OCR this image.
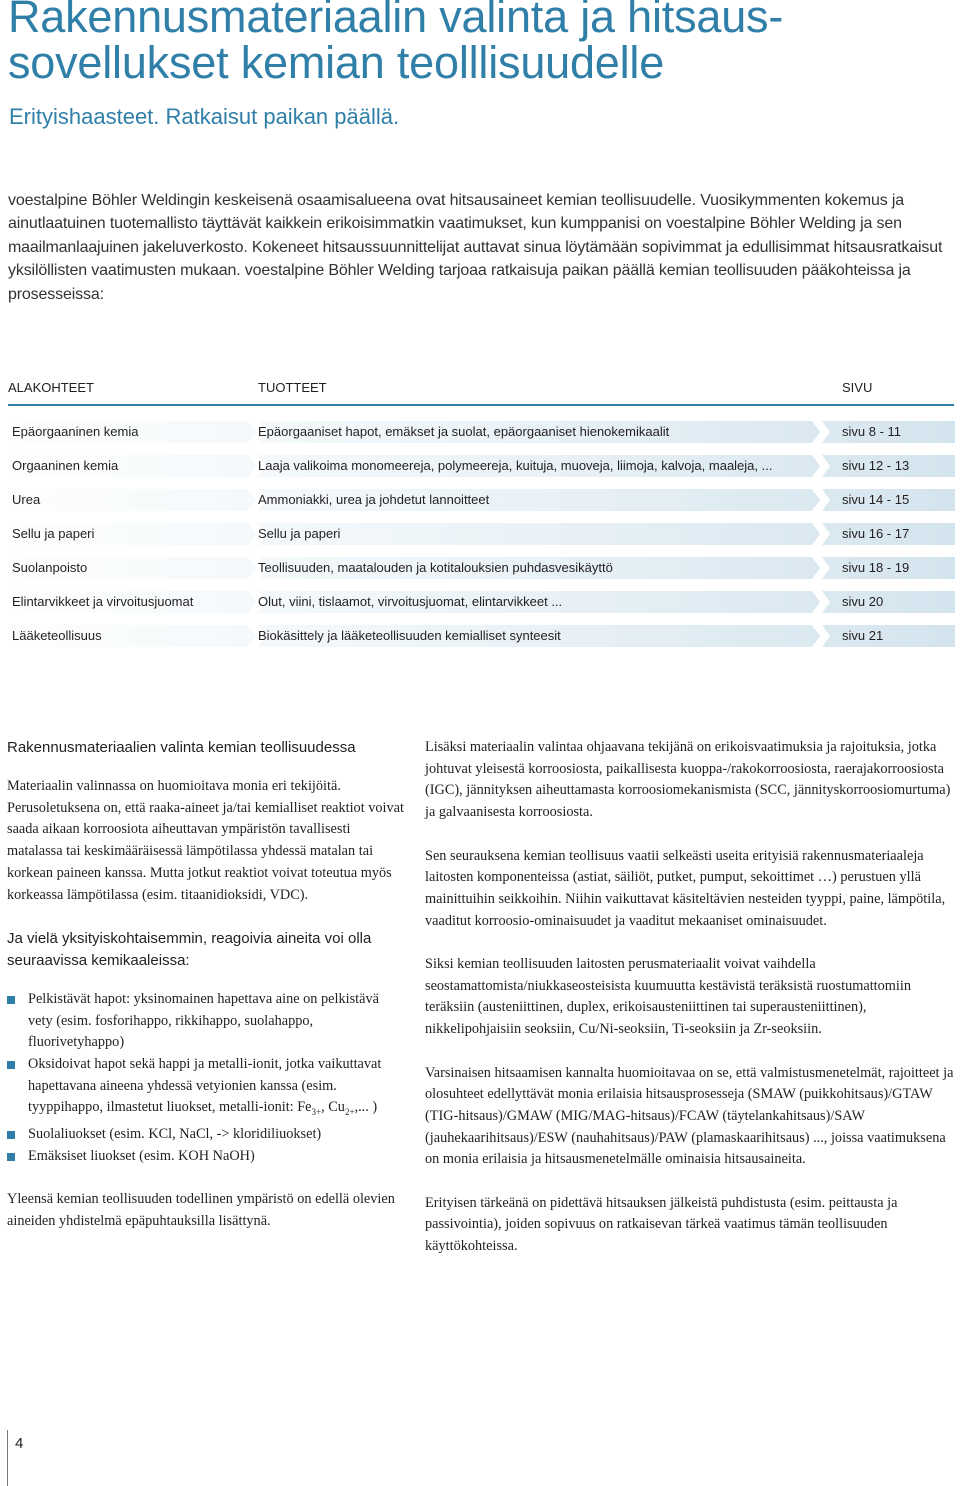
Rakennusmateriaalin valinta ja hitsaus-
sovellukset kemian teolllisuudelle
Erityishaasteet. Ratkaisut paikan päällä.

voestalpine Böhler Weldingin keskeisenä osaamisalueena ovat hitsausaineet kemian teollisuudelle. Vuosikymmenten kokemus ja ainutlaatuinen tuotemallisto täyttävät kaikkein erikoisimmatkin vaatimukset, kun kumppanisi on voestalpine Böhler Welding ja sen maailmanlaajuinen jakeluverkosto. Kokeneet hitsaussuunnittelijat auttavat sinua löytämään sopivimmat ja edullisimmat hitsausratkaisut yksilöllisten vaatimusten mukaan. voestalpine Böhler Welding tarjoaa ratkaisuja paikan päällä kemian teollisuuden pääkohteissa ja prosesseissa:

ALAKOHTEET	TUOTTEET	SIVU
Epäorgaaninen kemia	Epäorgaaniset hapot, emäkset ja suolat, epäorgaaniset hienokemikaalit	sivu 8 - 11
Orgaaninen kemia	Laaja valikoima monomeereja, polymeereja, kuituja, muoveja, liimoja, kalvoja, maaleja, ...	sivu 12 - 13
Urea	Ammoniakki, urea ja johdetut lannoitteet	sivu 14 - 15
Sellu ja paperi	Sellu ja paperi	sivu 16 - 17
Suolanpoisto	Teollisuuden, maatalouden ja kotitalouksien puhdasvesikäyttö	sivu 18 - 19
Elintarvikkeet ja virvoitusjuomat	Olut, viini, tislaamot, virvoitusjuomat, elintarvikkeet ...	sivu 20
Lääketeollisuus	Biokäsittely ja lääketeollisuuden kemialliset synteesit	sivu 21
Rakennusmateriaalien valinta kemian teollisuudessa

Materiaalin valinnassa on huomioitava monia eri tekijöitä. Perusoletuksena on, että raaka-aineet ja/tai kemialliset reaktiot voivat saada aikaan korroosiota aiheuttavan ympäristön tavallisesti matalassa tai keskimääräisessä lämpötilassa yhdessä matalan tai korkean paineen kanssa. Mutta jotkut reaktiot voivat toteutua myös korkeassa lämpötilassa (esim. titaanidioksidi, VDC).

Ja vielä yksityiskohtaisemmin, reagoivia aineita voi olla seuraavissa kemikaaleissa:
Pelkistävät hapot: yksinomainen hapettava aine on pelkistävä vety (esim. fosforihappo, rikkihappo, suolahappo, fluorivetyhappo)
Oksidoivat hapot sekä happi ja metalli-ionit, jotka vaikuttavat hapettavana aineena yhdessä vetyionien kanssa (esim. tyyppihappo, ilmastetut liuokset, metalli-ionit: $Fe_{3+}$, $Cu_{2+}$,... )
Suolaliuokset (esim. KCl, NaCl, -> kloridiliuokset)
Emäksiset liuokset (esim. KOH NaOH)

Yleensä kemian teollisuuden todellinen ympäristö on edellä olevien aineiden yhdistelmä epäpuhtauksilla lisättynä.

Lisäksi materiaalin valintaa ohjaavana tekijänä on erikoisvaatimuksia ja rajoituksia, jotka johtuvat yleisestä korroosiosta, paikallisesta kuoppa-/rakokorroosiosta, raerajakorroosiosta (IGC), jännityksen aiheuttamasta korroosiomekanismista (SCC, jännityskorroosiomurtuma) ja galvaanisesta korroosiosta.

Sen seurauksena kemian teollisuus vaatii selkeästi useita erityisiä rakennusmateriaaleja laitosten komponenteissa (astiat, säiliöt, putket, pumput, sekoittimet …) perustuen yllä mainittuihin seikkoihin. Niihin vaikuttavat käsiteltävien nesteiden tyyppi, paine, lämpötila, vaaditut korroosio-ominaisuudet ja vaaditut mekaaniset ominaisuudet.

Siksi kemian teollisuuden laitosten perusmateriaalit voivat vaihdella seostamattomista/niukkaseosteisista kuumuutta kestävistä teräksistä ruostumattomiin teräksiin (austeniittinen, duplex, erikoisausteniittinen tai superausteniittinen), nikkelipohjaisiin seoksiin, Cu/Ni-seoksiin, Ti-seoksiin ja Zr-seoksiin.

Varsinaisen hitsaamisen kannalta huomioitavaa on se, että valmistusmenetelmät, rajoitteet ja olosuhteet edellyttävät monia erilaisia hitsausprosesseja (SMAW (puikkohitsaus)/GTAW (TIG-hitsaus)/GMAW (MIG/MAG-hitsaus)/FCAW (täytelankahitsaus)/SAW (jauhekaarihitsaus)/ESW (nauhahitsaus)/PAW (plamaskaarihitsaus) ..., joissa vaatimuksena on monia erilaisia ja hitsausmenetelmälle ominaisia hitsausaineita.

Erityisen tärkeänä on pidettävä hitsauksen jälkeistä puhdistusta (esim. peittausta ja passivointia), joiden sopivuus on ratkaisevan tärkeä vaatimus tämän teollisuuden käyttökohteissa.

4
